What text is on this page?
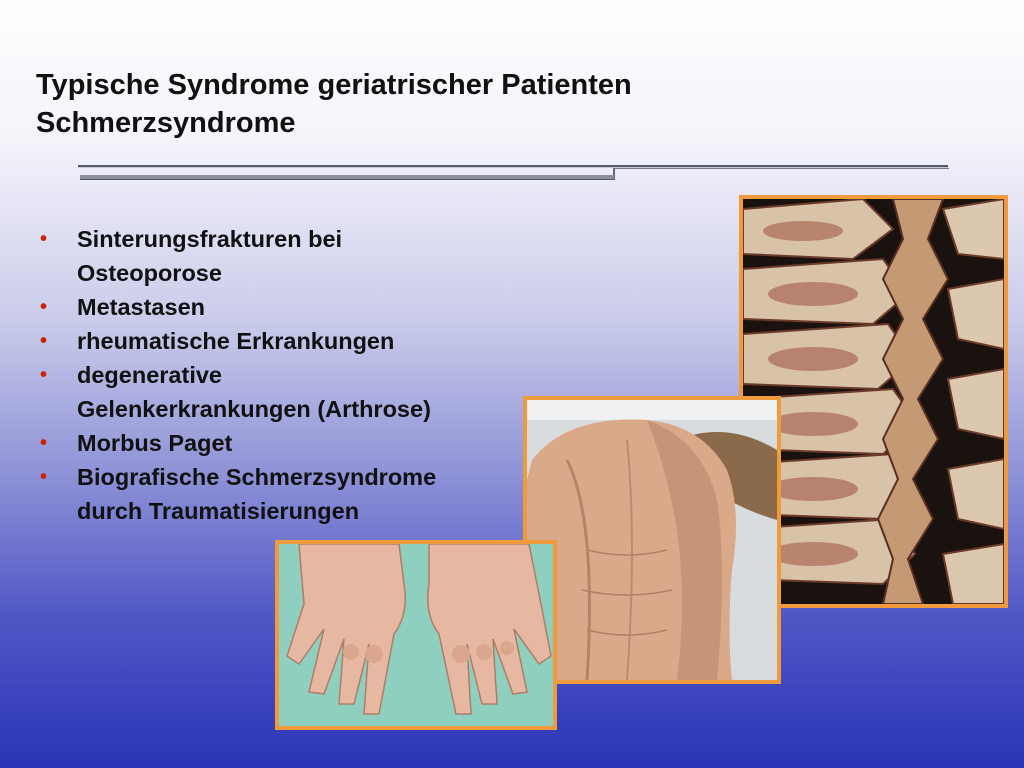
Typische Syndrome geriatrischer Patienten
Schmerzsyndrome
• Sinterungsfrakturen bei
Osteoporose
• Metastasen
• rheumatische Erkrankungen
• degenerative
Gelenkerkrankungen (Arthrose)
• Morbus Paget
• Biografische Schmerzsyndrome
durch Traumatisierungen
